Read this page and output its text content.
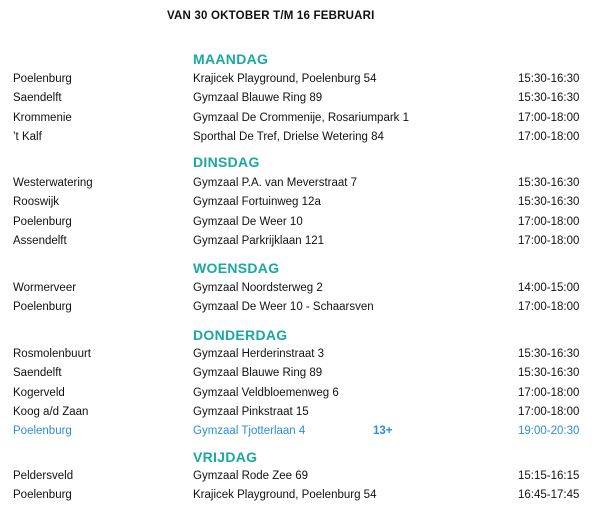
VAN 30 OKTOBER T/M 16 FEBRUARI
MAANDAG
Poelenburg	Krajicek Playground, Poelenburg 54	15:30-16:30
Saendelft	Gymzaal Blauwe Ring 89	15:30-16:30
Krommenie	Gymzaal De Crommenije, Rosariumpark 1	17:00-18:00
’t Kalf	Sporthal De Tref, Drielse Wetering 84	17:00-18:00
DINSDAG
Westerwatering	Gymzaal P.A. van Meverstraat 7	15:30-16:30
Rooswijk	Gymzaal Fortuinweg 12a	15:30-16:30
Poelenburg	Gymzaal De Weer 10	17:00-18:00
Assendelft	Gymzaal Parkrijklaan 121	17:00-18:00
WOENSDAG
Wormerveer	Gymzaal Noordsterweg 2	14:00-15:00
Poelenburg	Gymzaal De Weer 10 - Schaarsven	17:00-18:00
DONDERDAG
Rosmolenbuurt	Gymzaal Herderinstraat 3	15:30-16:30
Saendelft	Gymzaal Blauwe Ring 89	15:30-16:30
Kogerveld	Gymzaal Veldbloemenweg 6	17:00-18:00
Koog a/d Zaan	Gymzaal Pinkstraat 15	17:00-18:00
Poelenburg	Gymzaal Tjotterlaan 4	13+	19:00-20:30
VRIJDAG
Peldersveld	Gymzaal Rode Zee 69	15:15-16:15
Poelenburg	Krajicek Playground, Poelenburg 54	16:45-17:45
